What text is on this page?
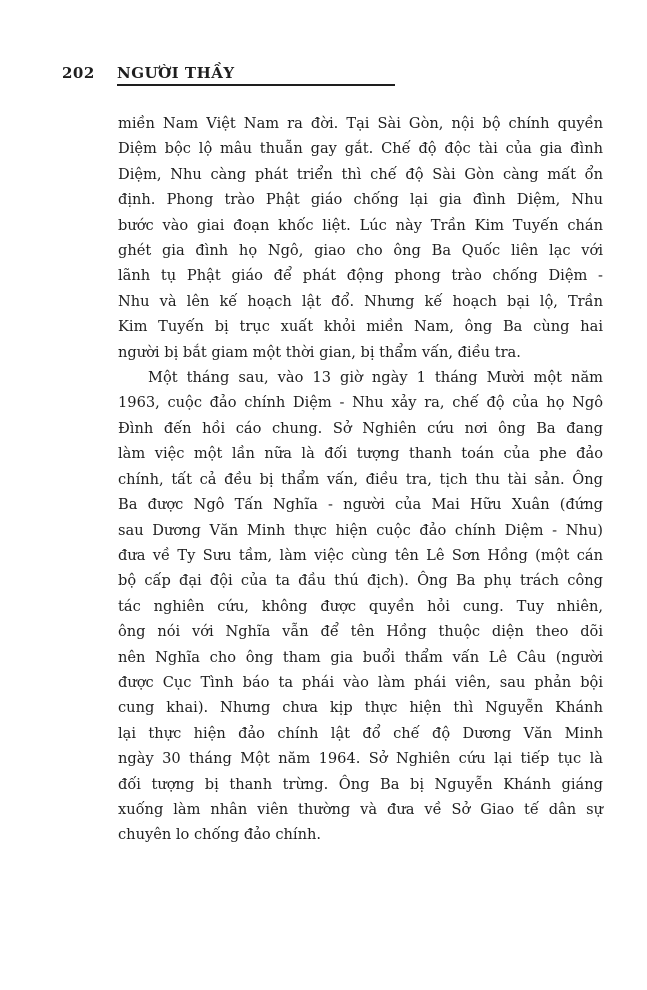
202 NGƯỜI THẦY
miền Nam Việt Nam ra đời. Tại Sài Gòn, nội bộ chính quyền
Diệm bộc lộ mâu thuẫn gay gắt. Chế độ độc tài của gia đình
Diệm, Nhu càng phát triển thì chế độ Sài Gòn càng mất ổn
định. Phong trào Phật giáo chống lại gia đình Diệm, Nhu
bước vào giai đoạn khốc liệt. Lúc này Trần Kim Tuyến chán
ghét gia đình họ Ngô, giao cho ông Ba Quốc liên lạc với
lãnh tụ Phật giáo để phát động phong trào chống Diệm -
Nhu và lên kế hoạch lật đổ. Nhưng kế hoạch bại lộ, Trần
Kim Tuyến bị trục xuất khỏi miền Nam, ông Ba cùng hai
người bị bắt giam một thời gian, bị thẩm vấn, điều tra.
Một tháng sau, vào 13 giờ ngày 1 tháng Mười một năm
1963, cuộc đảo chính Diệm - Nhu xảy ra, chế độ của họ Ngô
Đình đến hồi cáo chung. Sở Nghiên cứu nơi ông Ba đang
làm việc một lần nữa là đối tượng thanh toán của phe đảo
chính, tất cả đều bị thẩm vấn, điều tra, tịch thu tài sản. Ông
Ba được Ngô Tấn Nghĩa - người của Mai Hữu Xuân (đứng
sau Dương Văn Minh thực hiện cuộc đảo chính Diệm - Nhu)
đưa về Ty Sưu tầm, làm việc cùng tên Lê Sơn Hồng (một cán
bộ cấp đại đội của ta đầu thú địch). Ông Ba phụ trách công
tác nghiên cứu, không được quyền hỏi cung. Tuy nhiên,
ông nói với Nghĩa vẫn để tên Hồng thuộc diện theo dõi
nên Nghĩa cho ông tham gia buổi thẩm vấn Lê Câu (người
được Cục Tình báo ta phái vào làm phái viên, sau phản bội
cung khai). Nhưng chưa kịp thực hiện thì Nguyễn Khánh
lại thực hiện đảo chính lật đổ chế độ Dương Văn Minh
ngày 30 tháng Một năm 1964. Sở Nghiên cứu lại tiếp tục là
đối tượng bị thanh trừng. Ông Ba bị Nguyễn Khánh giáng
xuống làm nhân viên thường và đưa về Sở Giao tế dân sự
chuyên lo chống đảo chính.
